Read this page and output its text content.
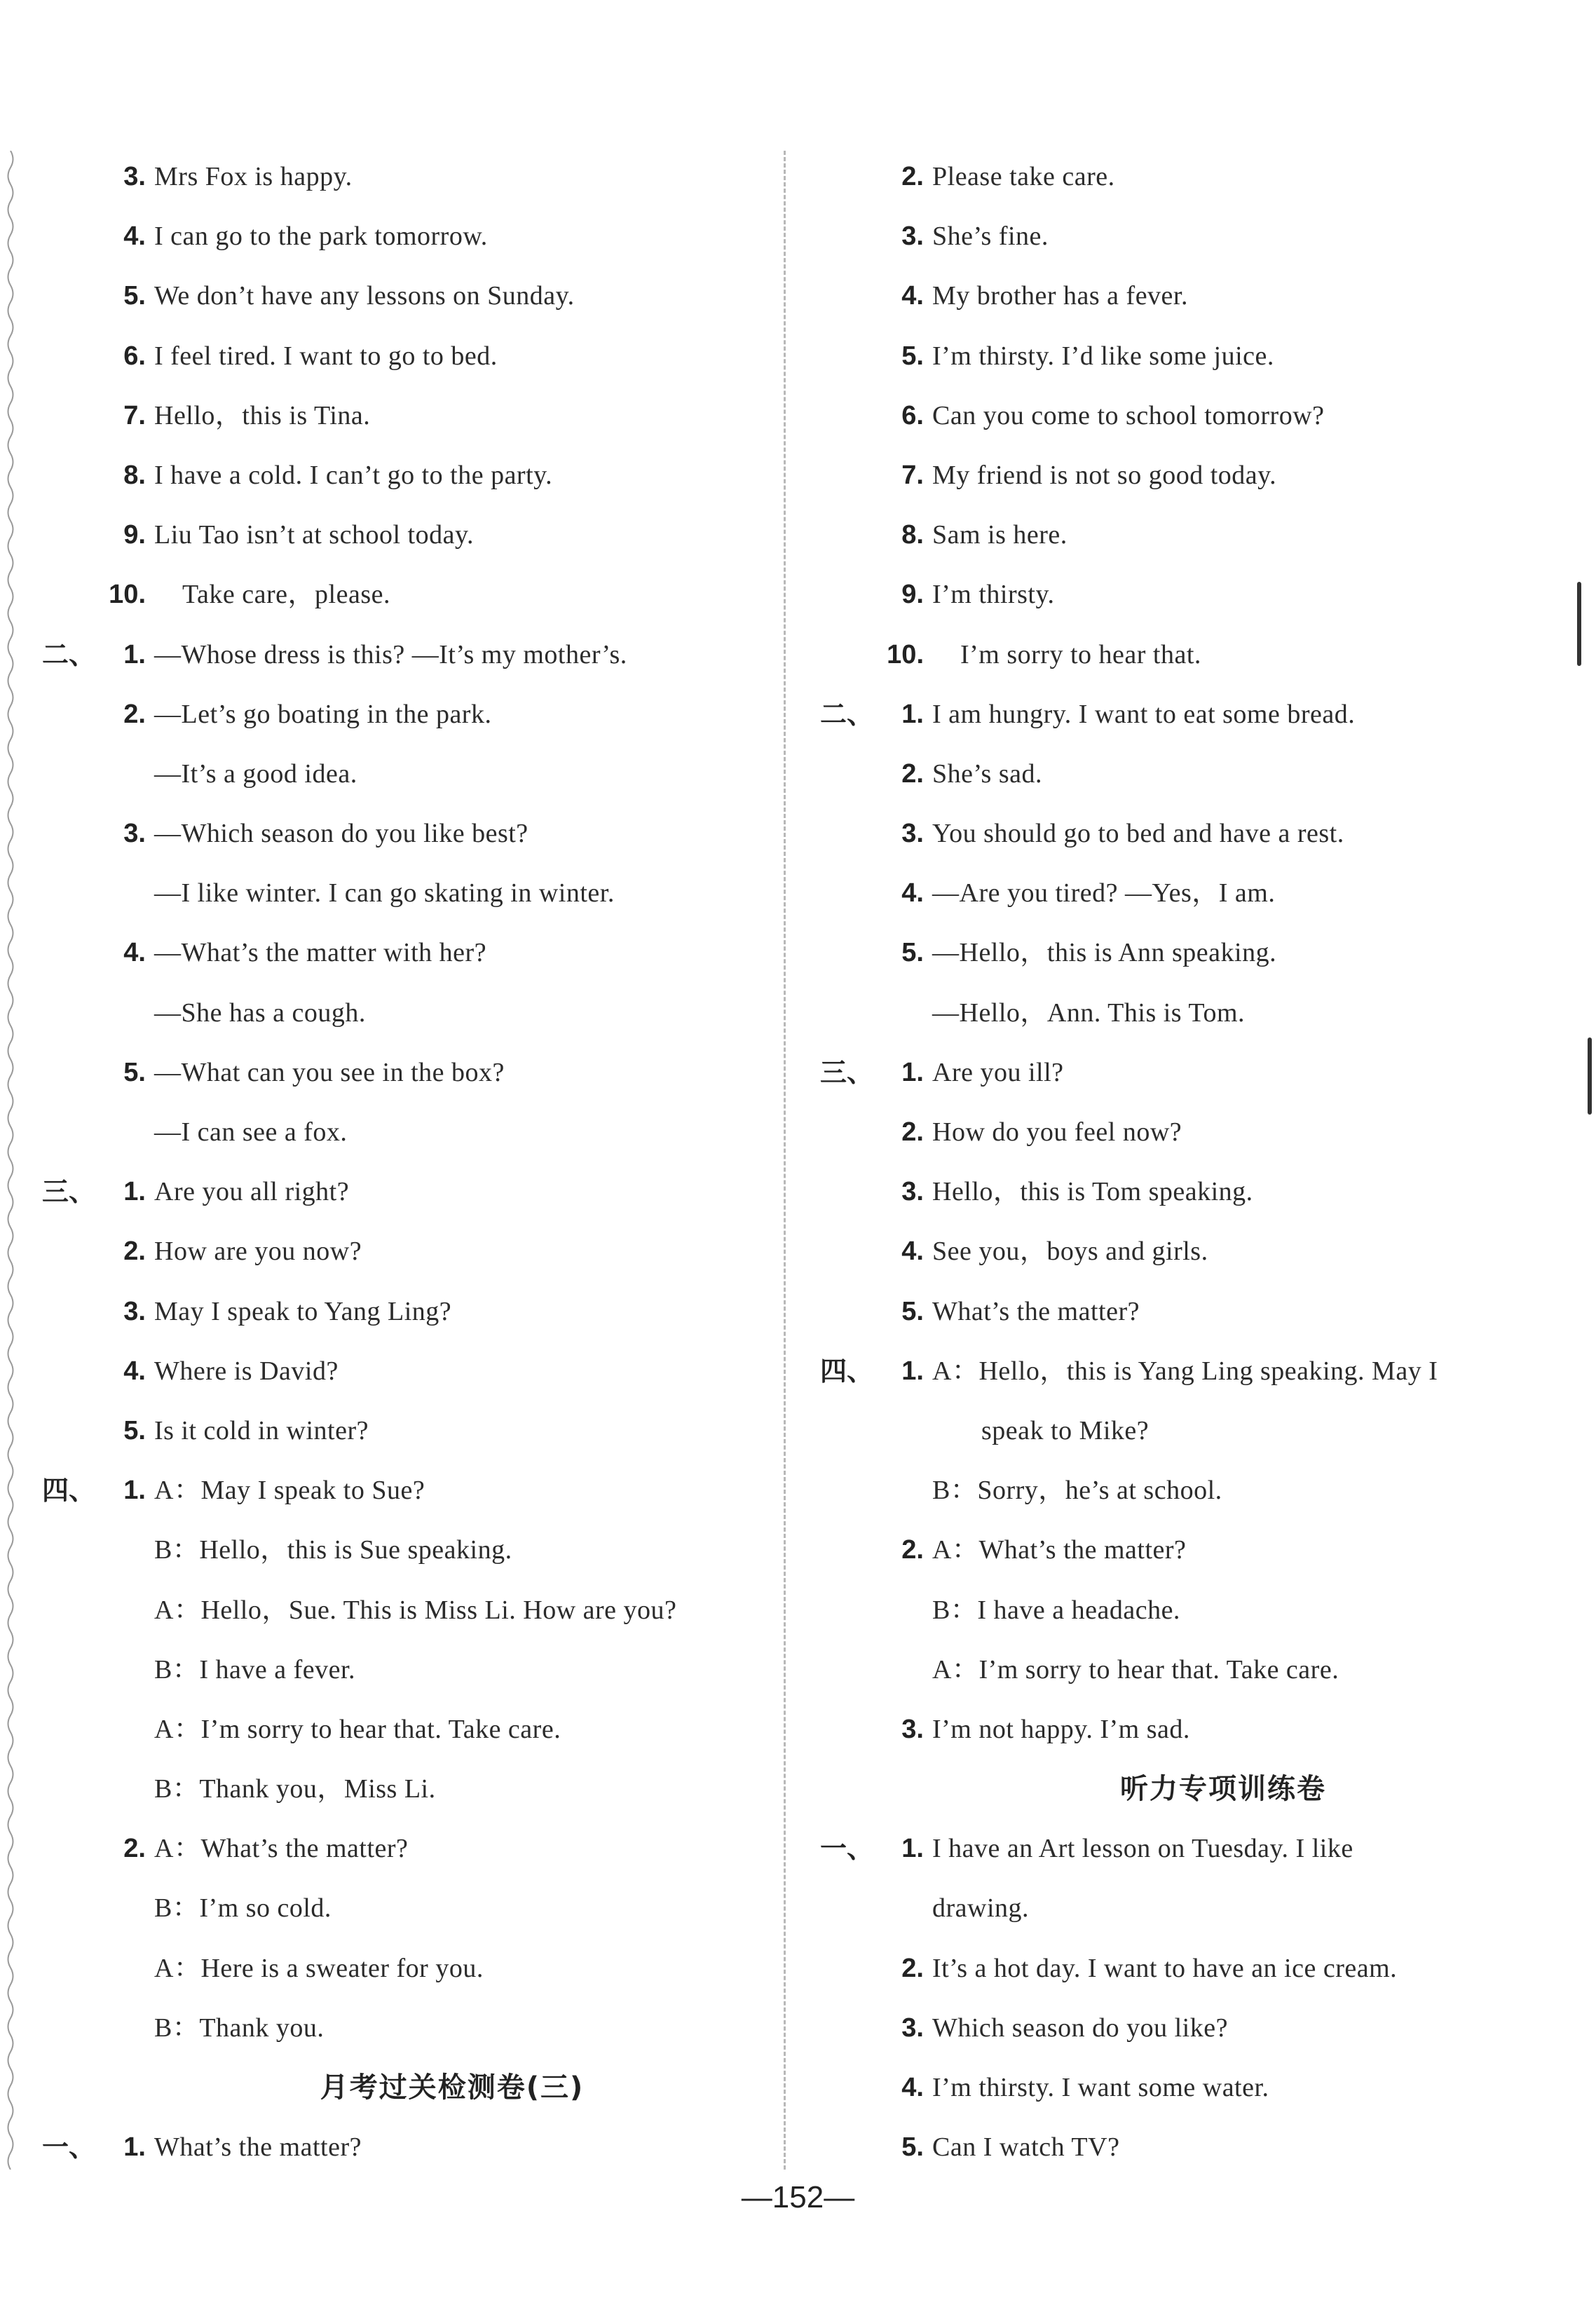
3. Mrs Fox is happy.
4. I can go to the park tomorrow.
5. We don’t have any lessons on Sunday.
6. I feel tired. I want to go to bed.
7. Hello，this is Tina.
8. I have a cold. I can’t go to the party.
9. Liu Tao isn’t at school today.
10. Take care，please.
二、	1. —Whose dress is this? —It’s my mother’s.
2. —Let’s go boating in the park.
—It’s a good idea.
3. —Which season do you like best?
—I like winter. I can go skating in winter.
4. —What’s the matter with her?
—She has a cough.
5. —What can you see in the box?
—I can see a fox.
三、	1. Are you all right?
2. How are you now?
3. May I speak to Yang Ling?
4. Where is David?
5. Is it cold in winter?
四、	1. A：May I speak to Sue?
B：Hello，this is Sue speaking.
A：Hello，Sue. This is Miss Li. How are you?
B：I have a fever.
A：I’m sorry to hear that. Take care.
B：Thank you，Miss Li.
2. A：What’s the matter?
B：I’m so cold.
A：Here is a sweater for you.
B：Thank you.
月考过关检测卷(三)
一、	1. What’s the matter?
2. Please take care.
3. She’s fine.
4. My brother has a fever.
5. I’m thirsty. I’d like some juice.
6. Can you come to school tomorrow?
7. My friend is not so good today.
8. Sam is here.
9. I’m thirsty.
10. I’m sorry to hear that.
二、	1. I am hungry. I want to eat some bread.
2. She’s sad.
3. You should go to bed and have a rest.
4. —Are you tired? —Yes，I am.
5. —Hello，this is Ann speaking.
—Hello，Ann. This is Tom.
三、	1. Are you ill?
2. How do you feel now?
3. Hello，this is Tom speaking.
4. See you，boys and girls.
5. What’s the matter?
四、	1. A：Hello，this is Yang Ling speaking. May I
speak to Mike?
B：Sorry，he’s at school.
2. A：What’s the matter?
B：I have a headache.
A：I’m sorry to hear that. Take care.
3. I’m not happy. I’m sad.
听力专项训练卷
一、	1. I have an Art lesson on Tuesday. I like
drawing.
2. It’s a hot day. I want to have an ice cream.
3. Which season do you like?
4. I’m thirsty. I want some water.
5. Can I watch TV?
—152—
